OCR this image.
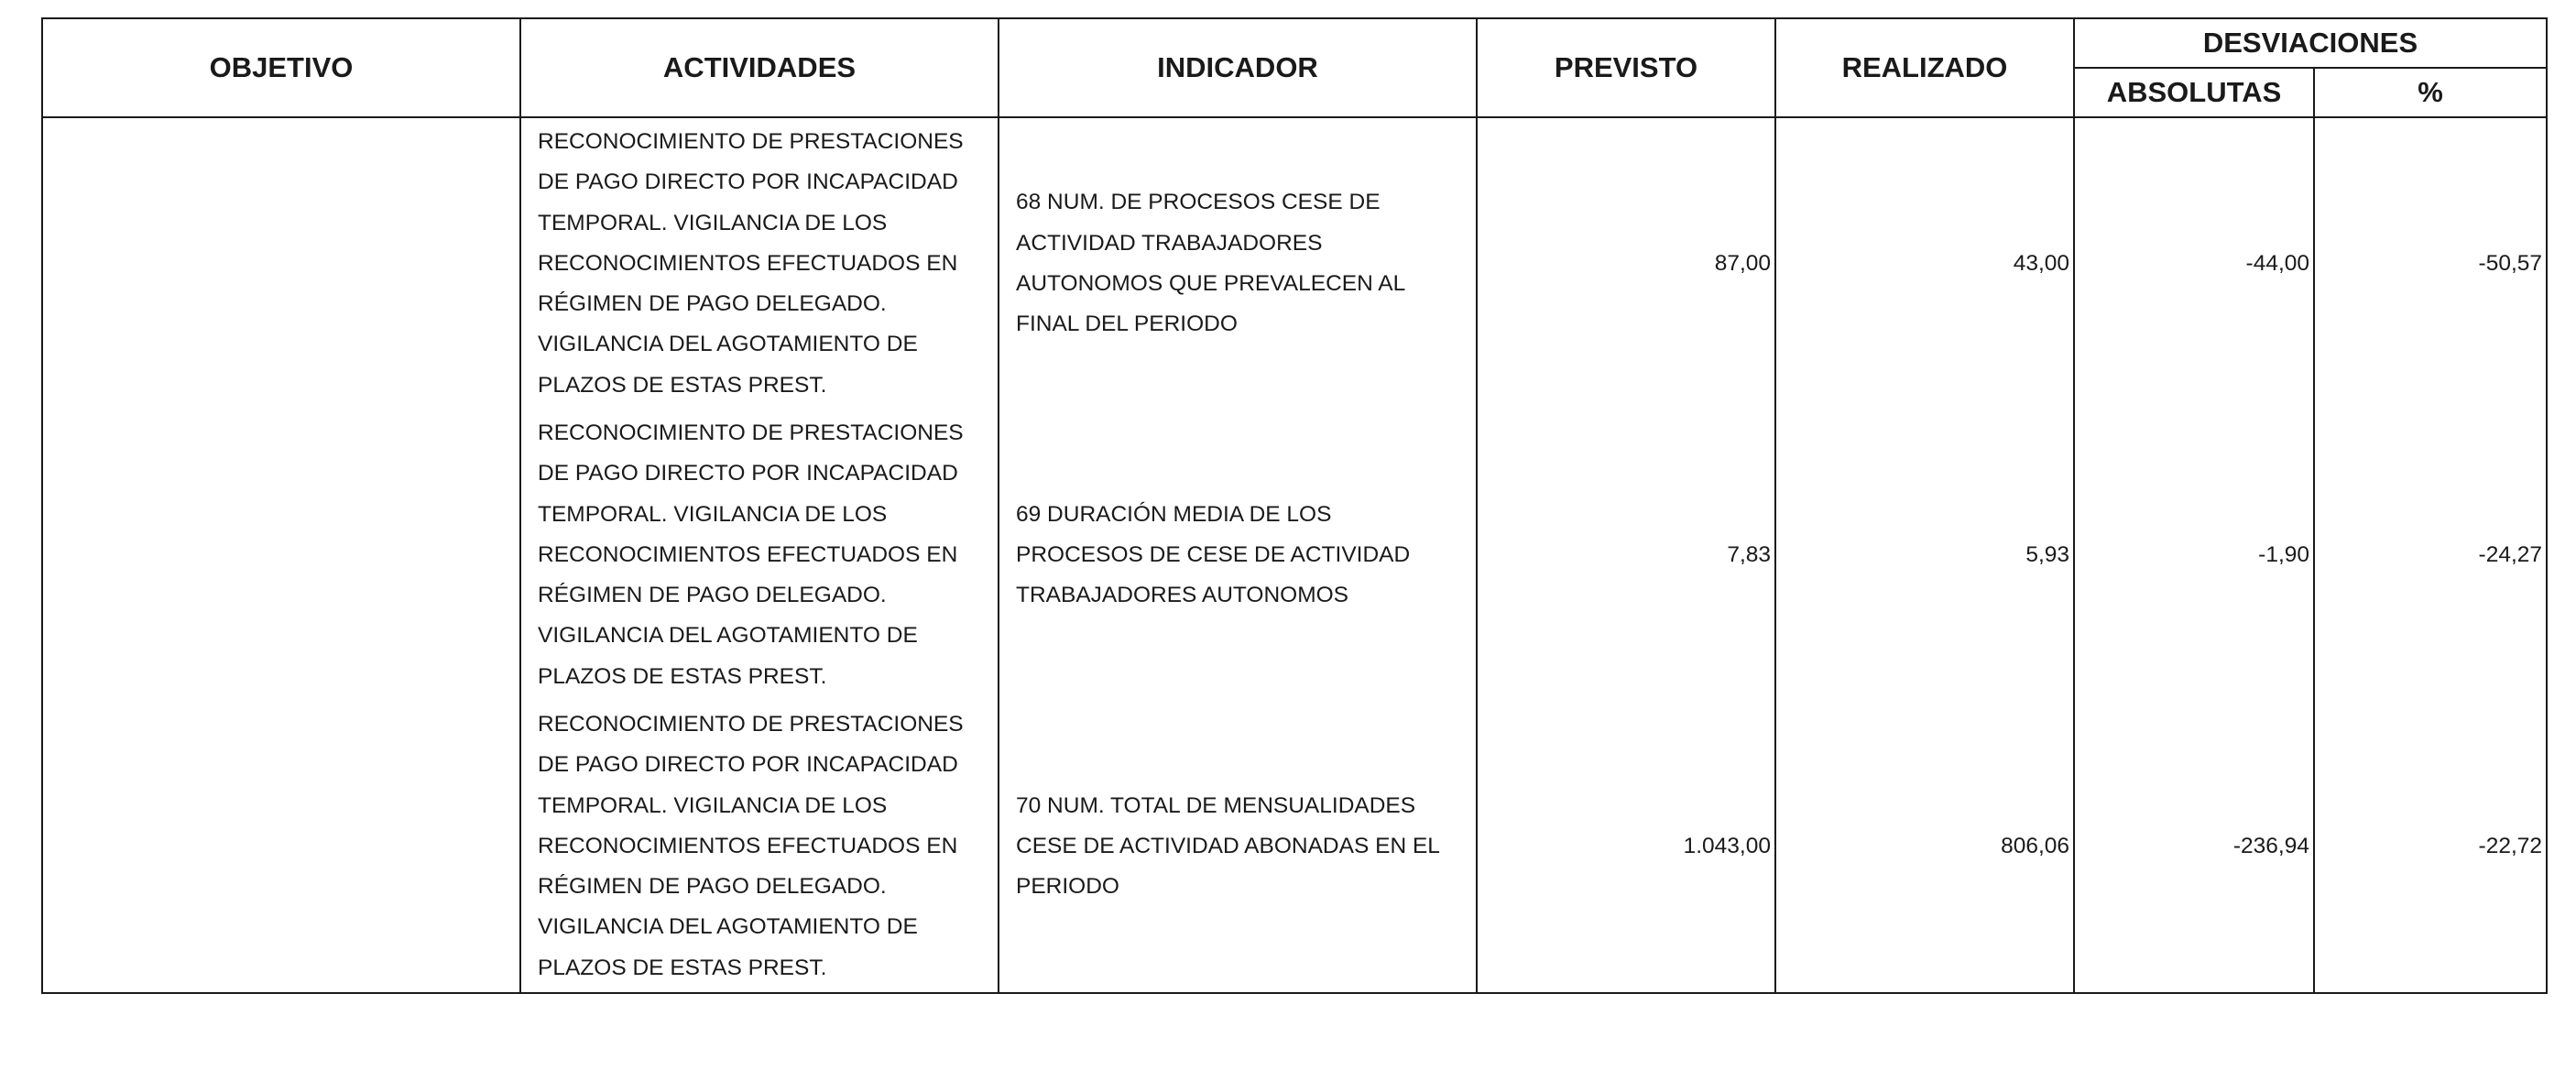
OBJETIVO	ACTIVIDADES	INDICADOR	PREVISTO	REALIZADO	DESVIACIONES	
					ABSOLUTAS	%
	RECONOCIMIENTO DE PRESTACIONES DE PAGO DIRECTO POR INCAPACIDAD TEMPORAL. VIGILANCIA DE LOS RECONOCIMIENTOS EFECTUADOS EN RÉGIMEN DE PAGO DELEGADO. VIGILANCIA DEL AGOTAMIENTO DE PLAZOS DE ESTAS PREST.	68 NUM. DE PROCESOS CESE DE ACTIVIDAD TRABAJADORES AUTONOMOS QUE PREVALECEN AL FINAL DEL PERIODO	87,00	43,00	-44,00	-50,57
	RECONOCIMIENTO DE PRESTACIONES DE PAGO DIRECTO POR INCAPACIDAD TEMPORAL. VIGILANCIA DE LOS RECONOCIMIENTOS EFECTUADOS EN RÉGIMEN DE PAGO DELEGADO. VIGILANCIA DEL AGOTAMIENTO DE PLAZOS DE ESTAS PREST.	69 DURACIÓN MEDIA DE LOS PROCESOS DE CESE DE ACTIVIDAD TRABAJADORES AUTONOMOS	7,83	5,93	-1,90	-24,27
	RECONOCIMIENTO DE PRESTACIONES DE PAGO DIRECTO POR INCAPACIDAD TEMPORAL. VIGILANCIA DE LOS RECONOCIMIENTOS EFECTUADOS EN RÉGIMEN DE PAGO DELEGADO. VIGILANCIA DEL AGOTAMIENTO DE PLAZOS DE ESTAS PREST.	70 NUM. TOTAL DE MENSUALIDADES CESE DE ACTIVIDAD ABONADAS EN EL PERIODO	1.043,00	806,06	-236,94	-22,72
